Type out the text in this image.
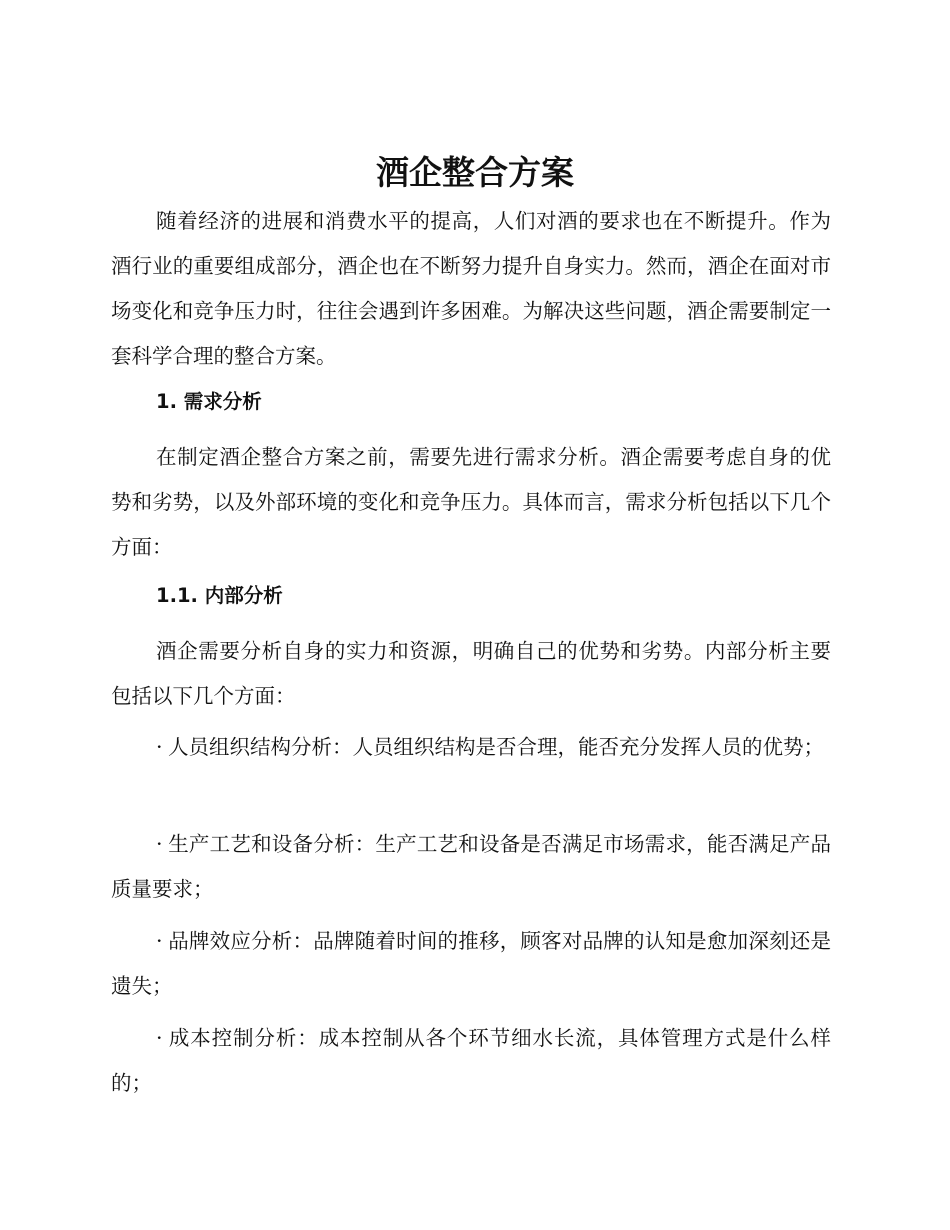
酒企整合方案

随着经济的进展和消费水平的提高，人们对酒的要求也在不断提升。作为酒行业的重要组成部分，酒企也在不断努力提升自身实力。然而，酒企在面对市场变化和竞争压力时，往往会遇到许多困难。为解决这些问题，酒企需要制定一套科学合理的整合方案。

1. 需求分析

在制定酒企整合方案之前，需要先进行需求分析。酒企需要考虑自身的优势和劣势，以及外部环境的变化和竞争压力。具体而言，需求分析包括以下几个方面：

1.1. 内部分析

酒企需要分析自身的实力和资源，明确自己的优势和劣势。内部分析主要包括以下几个方面：

· 人员组织结构分析：人员组织结构是否合理，能否充分发挥人员的优势；

· 生产工艺和设备分析：生产工艺和设备是否满足市场需求，能否满足产品质量要求；

· 品牌效应分析：品牌随着时间的推移，顾客对品牌的认知是愈加深刻还是遗失；

· 成本控制分析：成本控制从各个环节细水长流，具体管理方式是什么样的；
